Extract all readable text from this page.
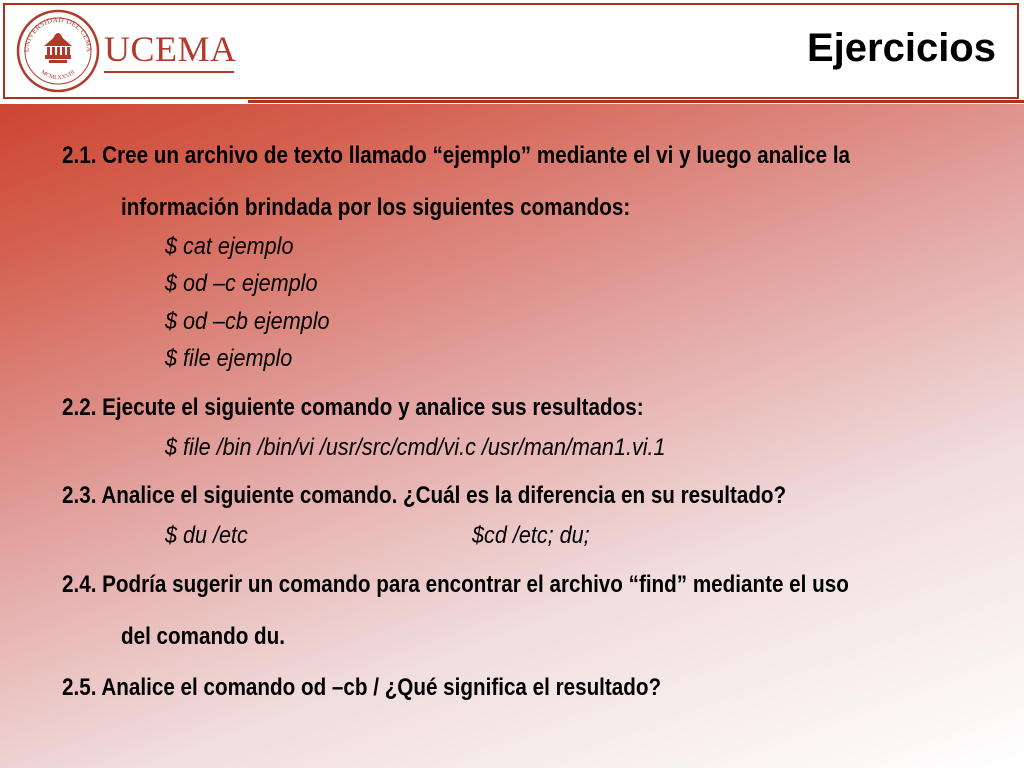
UNIVERSIDAD DEL CEMA
MCMLXXVIII
UCEMA	Ejercicios
2.1. Cree un archivo de texto llamado “ejemplo” mediante el vi y luego analice la
información brindada por los siguientes comandos:
$ cat ejemplo
$ od –c ejemplo
$ od –cb ejemplo
$ file ejemplo
2.2. Ejecute el siguiente comando y analice sus resultados:
$ file /bin /bin/vi /usr/src/cmd/vi.c /usr/man/man1.vi.1
2.3. Analice el siguiente comando. ¿Cuál es la diferencia en su resultado?
$ du /etc	$cd /etc; du;
2.4. Podría sugerir un comando para encontrar el archivo “find” mediante el uso
del comando du.
2.5. Analice el comando od –cb / ¿Qué significa el resultado?
